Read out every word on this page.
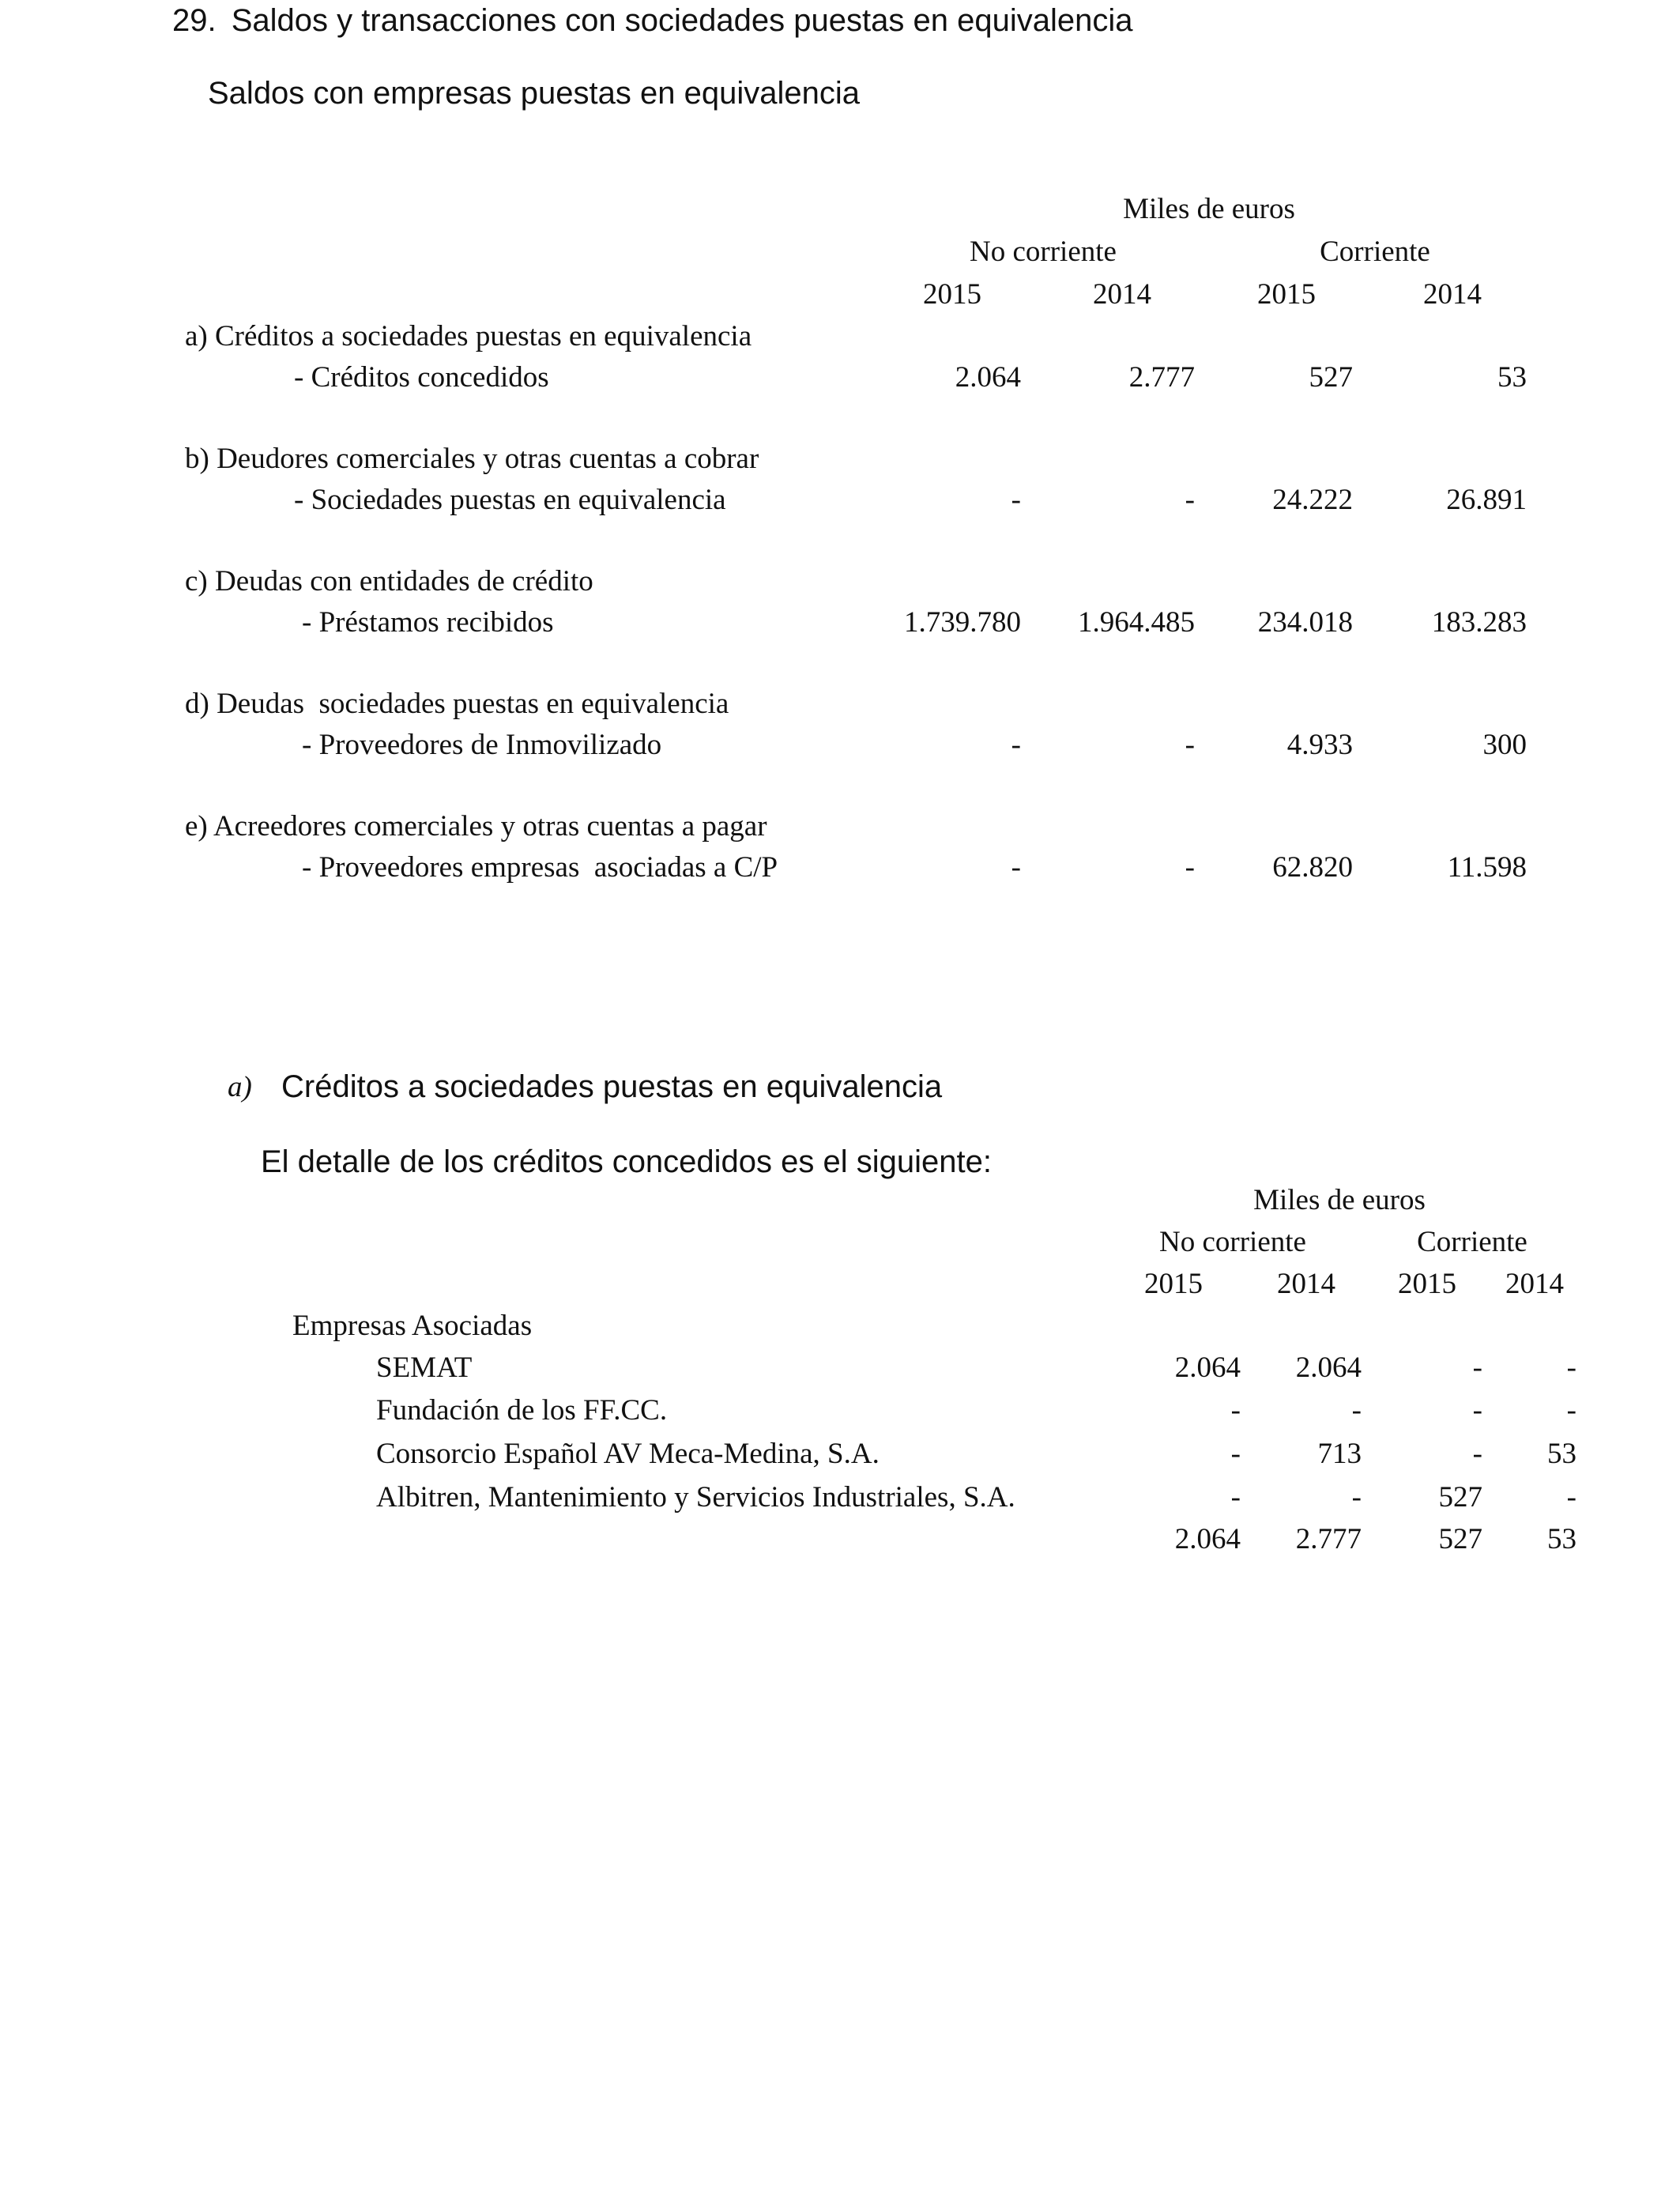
29. Saldos y transacciones con sociedades puestas en equivalencia
Saldos con empresas puestas en equivalencia
Miles de euros
No corriente	Corriente
2015	2014	2015	2014
a) Créditos a sociedades puestas en equivalencia
- Créditos concedidos	2.064	2.777	527	53
b) Deudores comerciales y otras cuentas a cobrar
- Sociedades puestas en equivalencia	-	-	24.222	26.891
c) Deudas con entidades de crédito
- Préstamos recibidos	1.739.780	1.964.485	234.018	183.283
d) Deudas  sociedades puestas en equivalencia
- Proveedores de Inmovilizado	-	-	4.933	300
e) Acreedores comerciales y otras cuentas a pagar
- Proveedores empresas  asociadas a C/P	-	-	62.820	11.598
a) Créditos a sociedades puestas en equivalencia
El detalle de los créditos concedidos es el siguiente:
Miles de euros
No corriente	Corriente
2015	2014	2015	2014
Empresas Asociadas
SEMAT	2.064	2.064	-	-
Fundación de los FF.CC.	-	-	-	-
Consorcio Español AV Meca-Medina, S.A.	-	713	-	53
Albitren, Mantenimiento y Servicios Industriales, S.A.	-	-	527	-
2.064	2.777	527	53
